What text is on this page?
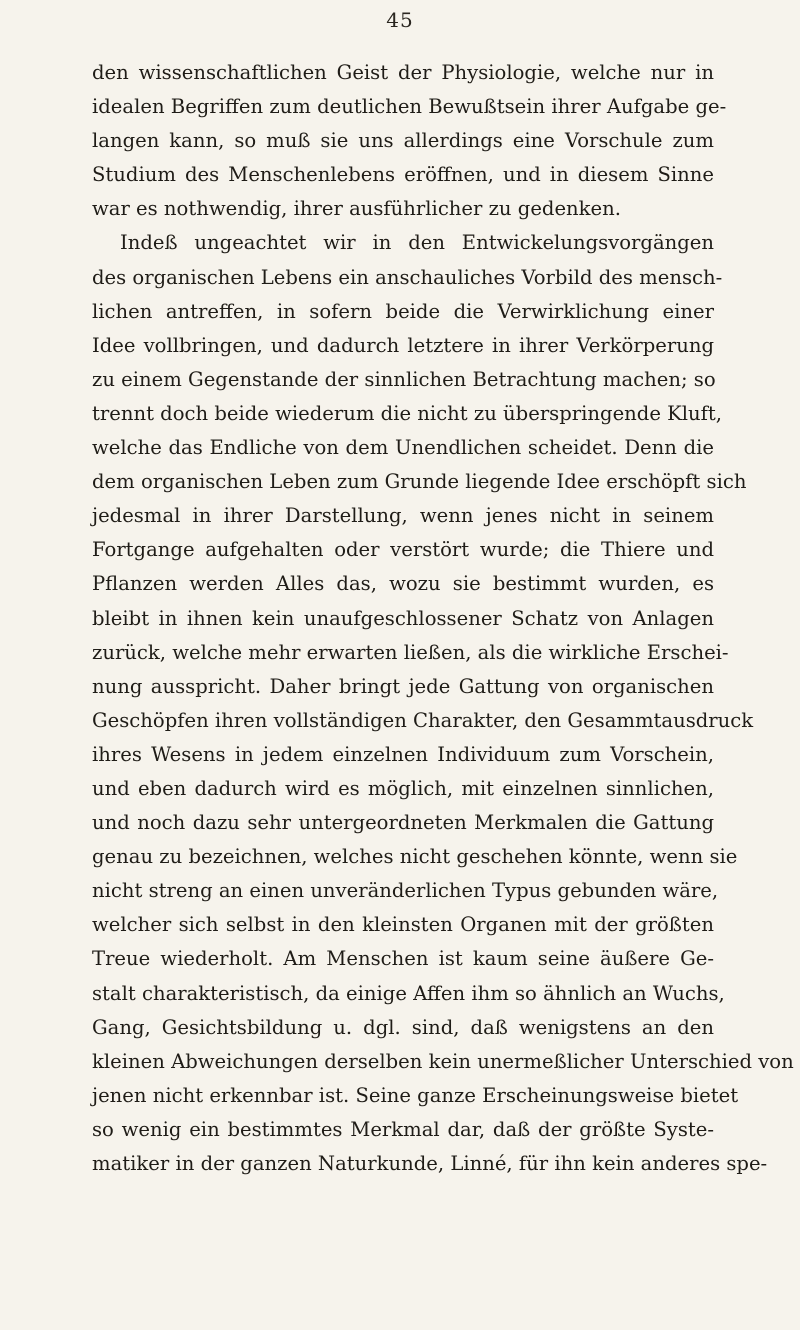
45
den wissenschaftlichen Geist der Physiologie, welche nur in
idealen Begriffen zum deutlichen Bewußtsein ihrer Aufgabe ge-
langen kann, so muß sie uns allerdings eine Vorschule zum
Studium des Menschenlebens eröffnen, und in diesem Sinne
war es nothwendig, ihrer ausführlicher zu gedenken.
Indeß ungeachtet wir in den Entwickelungsvorgängen
des organischen Lebens ein anschauliches Vorbild des mensch-
lichen antreffen, in sofern beide die Verwirklichung einer
Idee vollbringen, und dadurch letztere in ihrer Verkörperung
zu einem Gegenstande der sinnlichen Betrachtung machen; so
trennt doch beide wiederum die nicht zu überspringende Kluft,
welche das Endliche von dem Unendlichen scheidet. Denn die
dem organischen Leben zum Grunde liegende Idee erschöpft sich
jedesmal in ihrer Darstellung, wenn jenes nicht in seinem
Fortgange aufgehalten oder verstört wurde; die Thiere und
Pflanzen werden Alles das, wozu sie bestimmt wurden, es
bleibt in ihnen kein unaufgeschlossener Schatz von Anlagen
zurück, welche mehr erwarten ließen, als die wirkliche Erschei-
nung ausspricht. Daher bringt jede Gattung von organischen
Geschöpfen ihren vollständigen Charakter, den Gesammtausdruck
ihres Wesens in jedem einzelnen Individuum zum Vorschein,
und eben dadurch wird es möglich, mit einzelnen sinnlichen,
und noch dazu sehr untergeordneten Merkmalen die Gattung
genau zu bezeichnen, welches nicht geschehen könnte, wenn sie
nicht streng an einen unveränderlichen Typus gebunden wäre,
welcher sich selbst in den kleinsten Organen mit der größten
Treue wiederholt. Am Menschen ist kaum seine äußere Ge-
stalt charakteristisch, da einige Affen ihm so ähnlich an Wuchs,
Gang, Gesichtsbildung u. dgl. sind, daß wenigstens an den
kleinen Abweichungen derselben kein unermeßlicher Unterschied von
jenen nicht erkennbar ist. Seine ganze Erscheinungsweise bietet
so wenig ein bestimmtes Merkmal dar, daß der größte Syste-
matiker in der ganzen Naturkunde, Linné, für ihn kein anderes spe-
